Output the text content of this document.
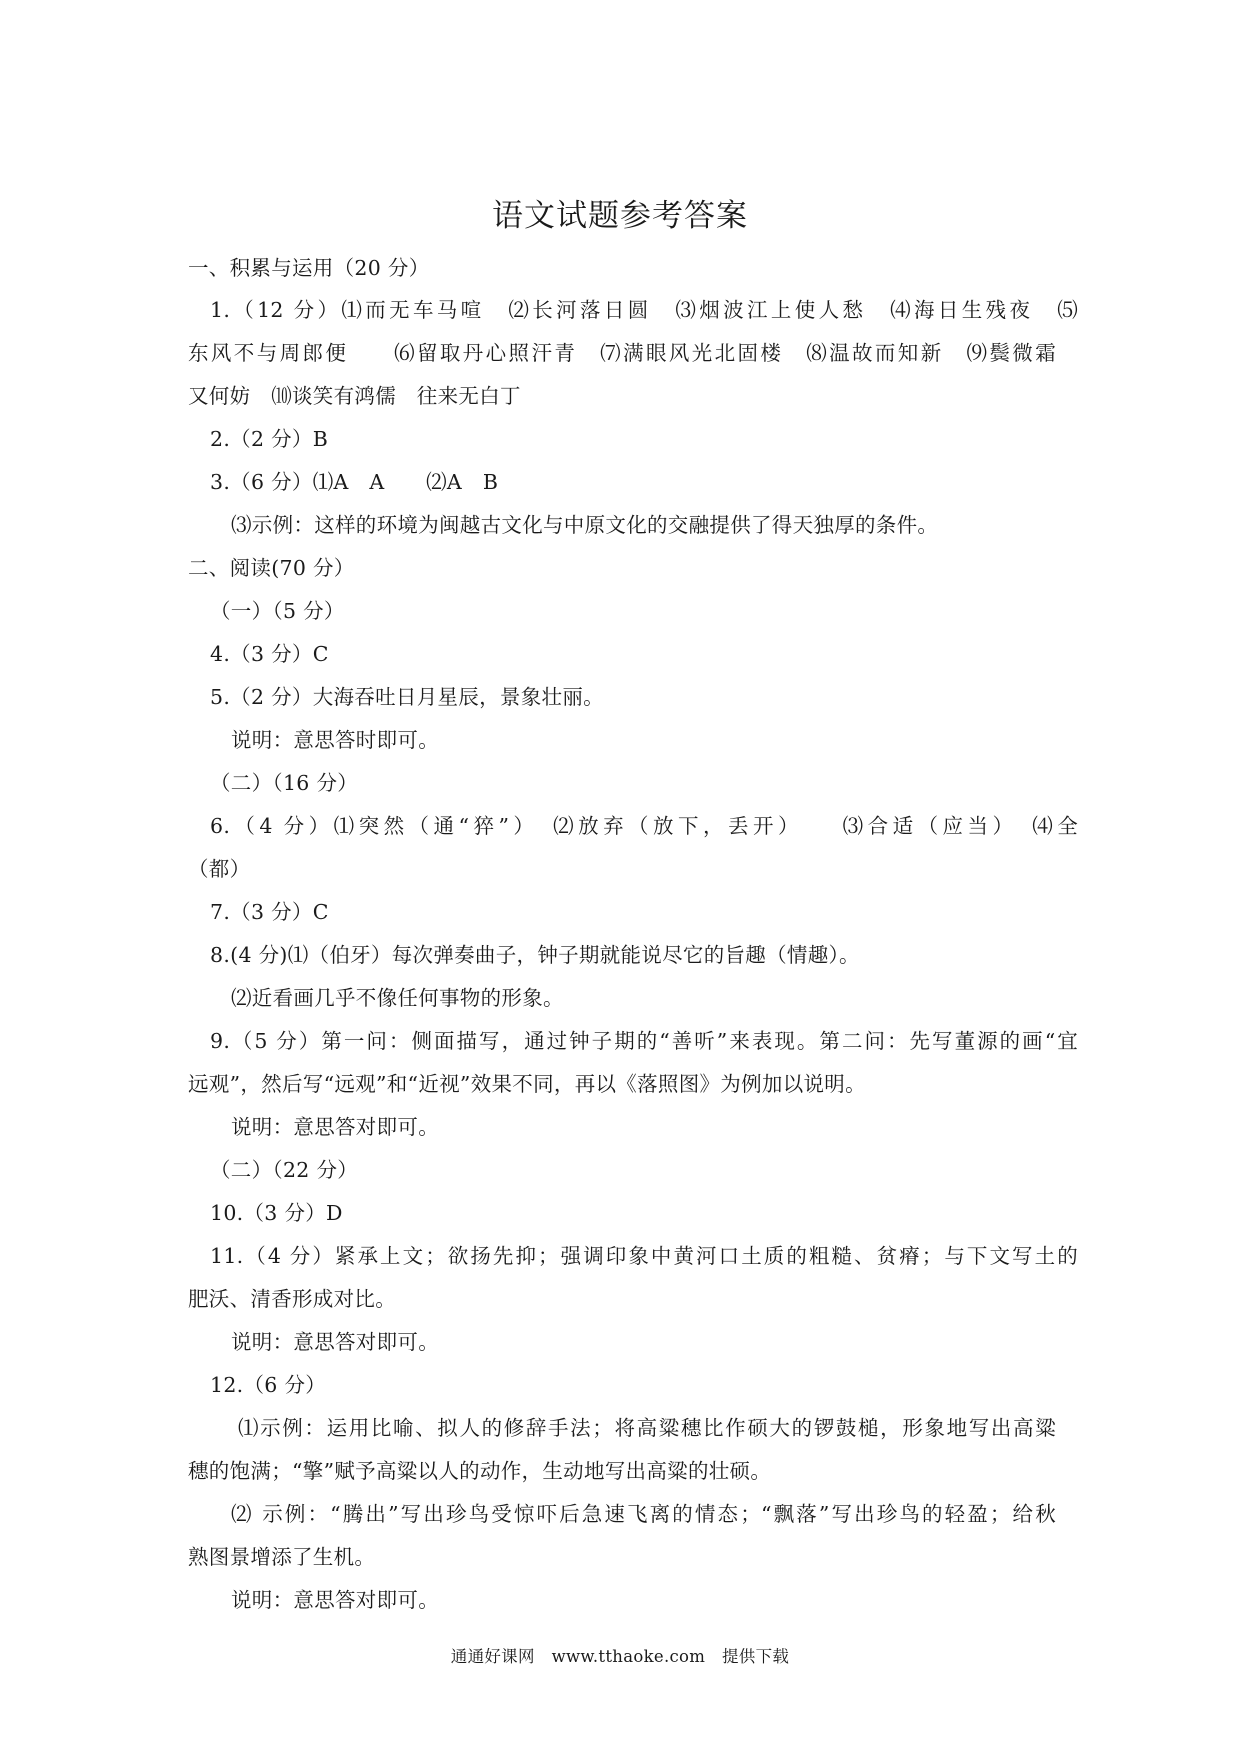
语文试题参考答案
一、积累与运用（20 分）
1.（12 分）⑴而无车马喧　⑵长河落日圆　⑶烟波江上使人愁　⑷海日生残夜　⑸
东风不与周郎便　　⑹留取丹心照汗青　⑺满眼风光北固楼　⑻温故而知新　⑼鬓微霜
又何妨　⑽谈笑有鸿儒　往来无白丁
2.（2 分）B
3.（6 分）⑴A　A　　⑵A　B
⑶示例：这样的环境为闽越古文化与中原文化的交融提供了得天独厚的条件。
二、阅读(70 分）
（一）（5 分）
4.（3 分）C
5.（2 分）大海吞吐日月星辰，景象壮丽。
说明：意思答时即可。
（二）（16 分）
6.（4 分）⑴突然（通“猝”）　⑵放弃（放下，丢开）　　⑶合适（应当）　⑷全
（都）
7.（3 分）C
8.(4 分)⑴（伯牙）每次弹奏曲子，钟子期就能说尽它的旨趣（情趣）。
⑵近看画几乎不像任何事物的形象。
9.（5 分）第一问：侧面描写，通过钟子期的“善听”来表现。第二问：先写董源的画“宜
远观”，然后写“远观”和“近视”效果不同，再以《落照图》为例加以说明。
说明：意思答对即可。
（二）（22 分）
10.（3 分）D
11.（4 分）紧承上文；欲扬先抑；强调印象中黄河口土质的粗糙、贫瘠；与下文写土的
肥沃、清香形成对比。
说明：意思答对即可。
12.（6 分）
⑴示例：运用比喻、拟人的修辞手法；将高粱穗比作硕大的锣鼓槌，形象地写出高粱
穗的饱满；“擎”赋予高粱以人的动作，生动地写出高粱的壮硕。
⑵ 示例：“腾出”写出珍鸟受惊吓后急速飞离的情态；“飘落”写出珍鸟的轻盈；给秋
熟图景增添了生机。
说明：意思答对即可。
通通好课网　www.tthaoke.com　提供下载
